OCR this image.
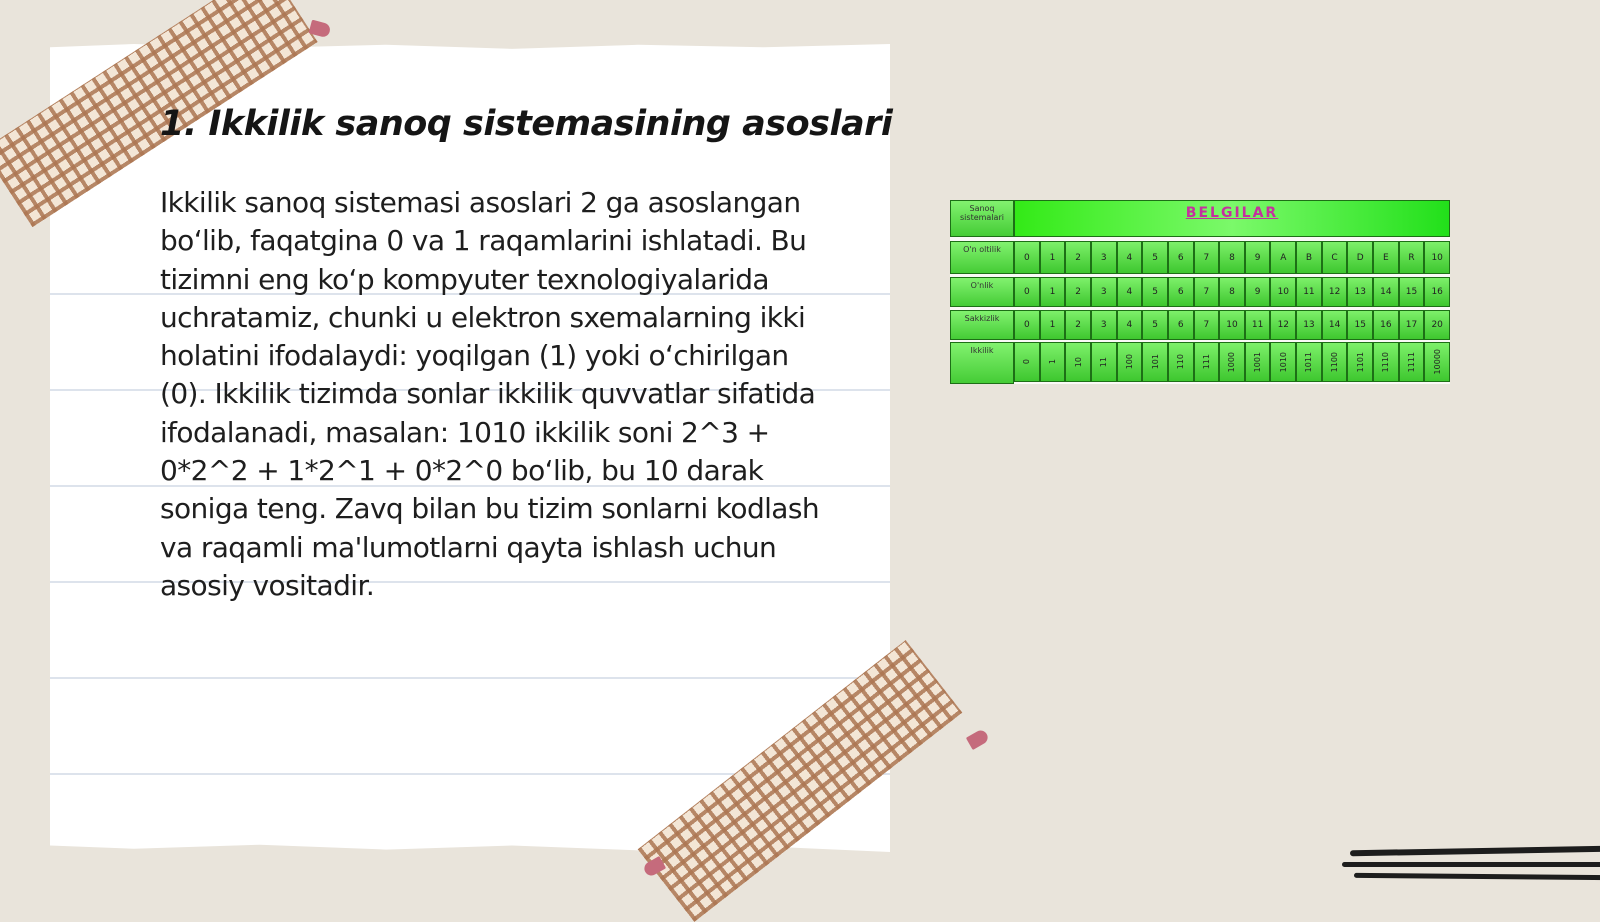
1. Ikkilik sanoq sistemasining asoslari

Ikkilik sanoq sistemasi asoslari 2 ga asoslangan bo‘lib, faqatgina 0 va 1 raqamlarini ishlatadi. Bu tizimni eng ko‘p kompyuter texnologiyalarida uchratamiz, chunki u elektron sxemalarning ikki holatini ifodalaydi: yoqilgan (1) yoki o‘chirilgan (0). Ikkilik tizimda sonlar ikkilik quvvatlar sifatida ifodalanadi, masalan: 1010 ikkilik soni 2^3 + 0*2^2 + 1*2^1 + 0*2^0 bo‘lib, bu 10 darak soniga teng. Zavq bilan bu tizim sonlarni kodlash va raqamli ma'lumotlarni qayta ishlash uchun asosiy vositadir.

Sanoq sistemalari	BELGILAR
O'n oltilik
0	1	2	3	4	5	6	7	8	9	A	B	C	D	E	R	10
O'nlik
0	1	2	3	4	5	6	7	8	9	10	11	12	13	14	15	16
Sakkizlik
0	1	2	3	4	5	6	7	10	11	12	13	14	15	16	17	20
Ikkilik
0 1 10 11 100 101 110 111 1000 1001 1010 1011 1100 1101 1110 1111 10000
